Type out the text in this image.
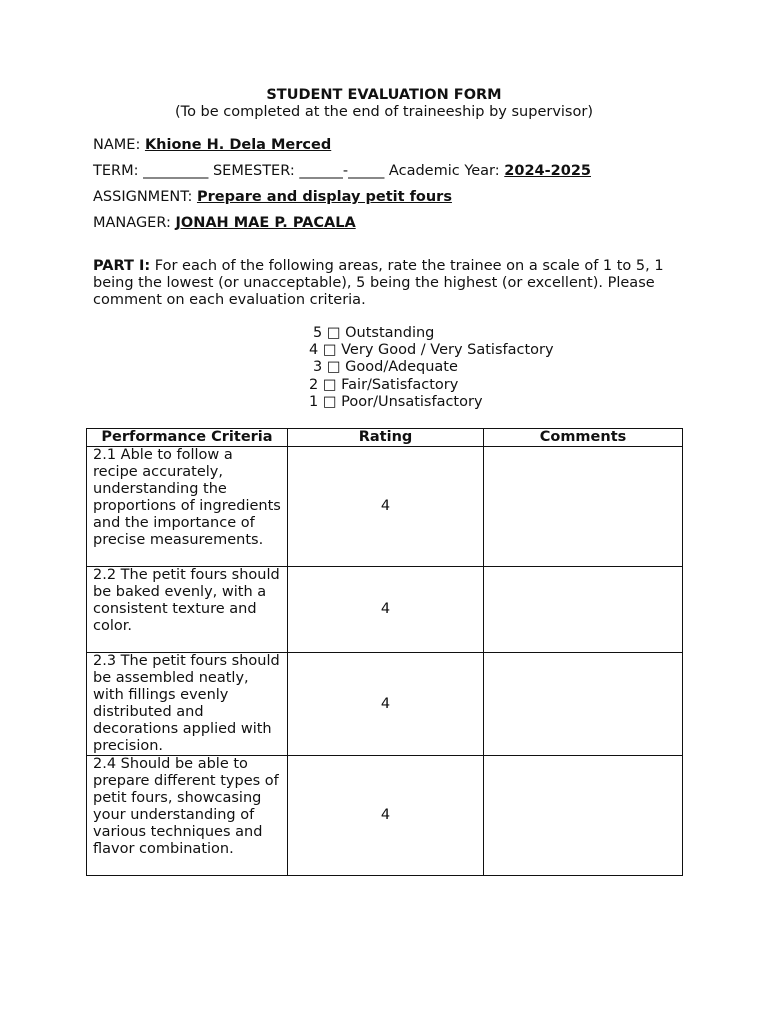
STUDENT EVALUATION FORM
(To be completed at the end of traineeship by supervisor)
NAME: Khione H. Dela Merced
TERM: _________ SEMESTER: ______-_____ Academic Year: 2024-2025
ASSIGNMENT: Prepare and display petit fours
MANAGER: JONAH MAE P. PACALA
PART I: For each of the following areas, rate the trainee on a scale of 1 to 5, 1 being the lowest (or unacceptable), 5 being the highest (or excellent). Please comment on each evaluation criteria.
5 □ Outstanding
4 □ Very Good / Very Satisfactory
3 □ Good/Adequate
2 □ Fair/Satisfactory
1 □ Poor/Unsatisfactory
Performance Criteria	Rating	Comments
2.1 Able to follow a recipe accurately, understanding the proportions of ingredients and the importance of precise measurements.	4	
2.2 The petit fours should be baked evenly, with a consistent texture and color.	4	
2.3 The petit fours should be assembled neatly, with fillings evenly distributed and decorations applied with precision.	4	
2.4 Should be able to prepare different types of petit fours, showcasing your understanding of various techniques and flavor combination.	4	
